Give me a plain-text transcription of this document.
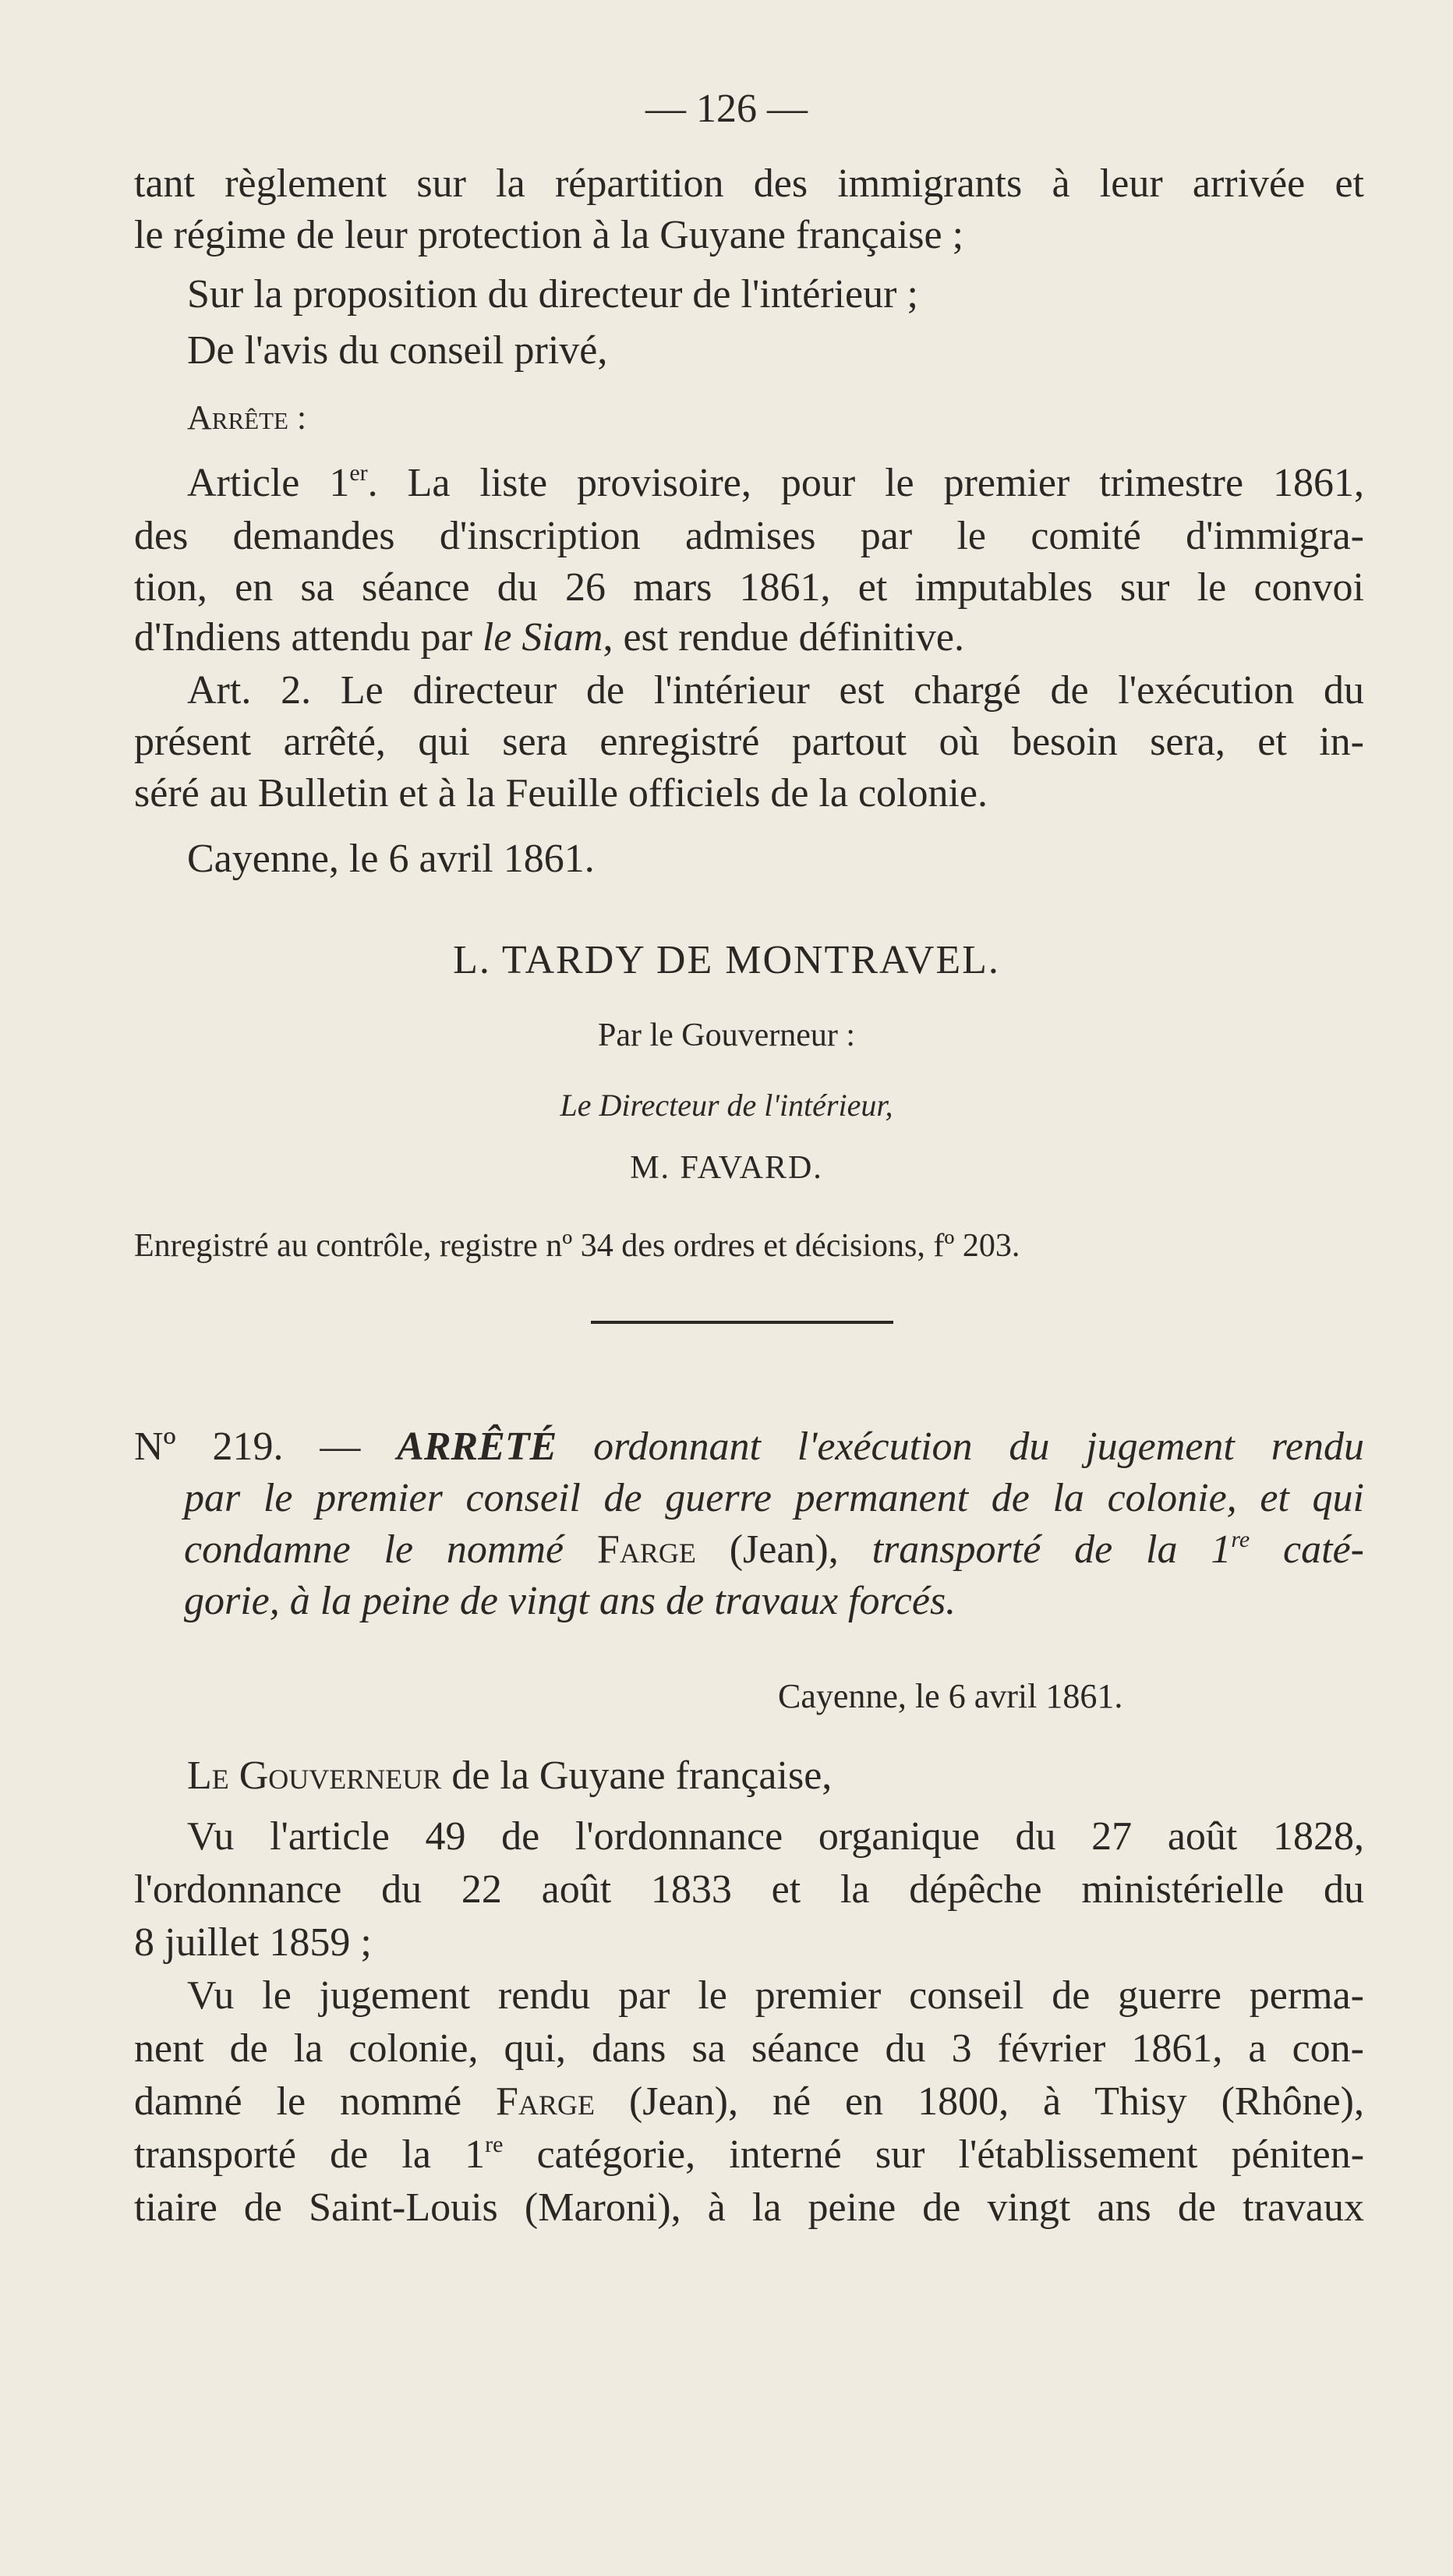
— 126 —
tant règlement sur la répartition des immigrants à leur arrivée et
le régime de leur protection à la Guyane française ;
Sur la proposition du directeur de l'intérieur ;
De l'avis du conseil privé,
Arrête :
Article 1er. La liste provisoire, pour le premier trimestre 1861,
des demandes d'inscription admises par le comité d'immigra-
tion, en sa séance du 26 mars 1861, et imputables sur le convoi
d'Indiens attendu par le Siam, est rendue définitive.
Art. 2. Le directeur de l'intérieur est chargé de l'exécution du
présent arrêté, qui sera enregistré partout où besoin sera, et in-
séré au Bulletin et à la Feuille officiels de la colonie.
Cayenne, le 6 avril 1861.
L. TARDY DE MONTRAVEL.
Par le Gouverneur :
Le Directeur de l'intérieur,
M. FAVARD.
Enregistré au contrôle, registre nº 34 des ordres et décisions, fº 203.
Nº 219. — ARRÊTÉ ordonnant l'exécution du jugement rendu
par le premier conseil de guerre permanent de la colonie, et qui
condamne le nommé Farge (Jean), transporté de la 1re caté-
gorie, à la peine de vingt ans de travaux forcés.
Cayenne, le 6 avril 1861.
Le Gouverneur de la Guyane française,
Vu l'article 49 de l'ordonnance organique du 27 août 1828,
l'ordonnance du 22 août 1833 et la dépêche ministérielle du
8 juillet 1859 ;
Vu le jugement rendu par le premier conseil de guerre perma-
nent de la colonie, qui, dans sa séance du 3 février 1861, a con-
damné le nommé Farge (Jean), né en 1800, à Thisy (Rhône),
transporté de la 1re catégorie, interné sur l'établissement péniten-
tiaire de Saint-Louis (Maroni), à la peine de vingt ans de travaux
